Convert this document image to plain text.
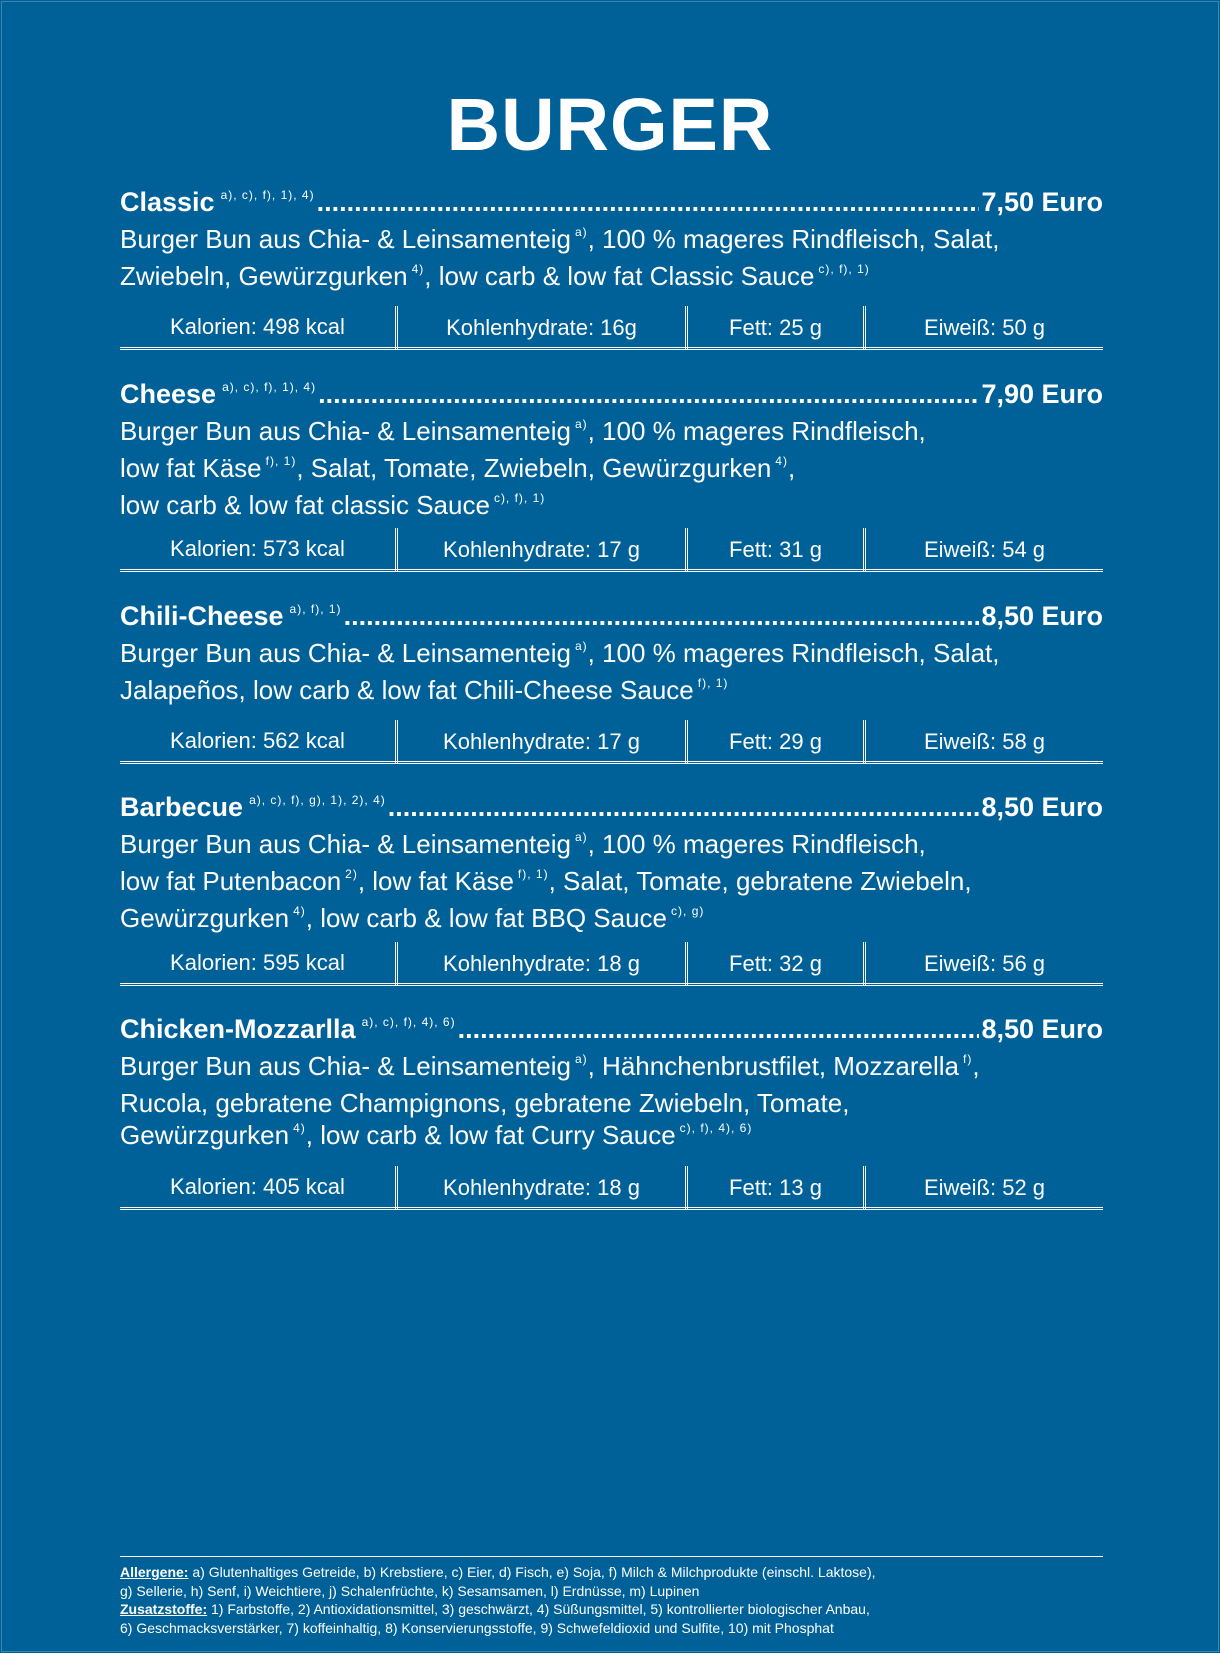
BURGER
Classic $^{a), c), f), 1), 4)}$ .....	7,50 Euro
Burger Bun aus Chia- & Leinsamenteig $^{a)}$, 100 % mageres Rindfleisch, Salat,
Zwiebeln, Gewürzgurken $^{4)}$, low carb & low fat Classic Sauce $^{c), f), 1)}$
Kalorien: 498 kcal	Kohlenhydrate: 16g	Fett: 25 g	Eiweiß: 50 g
Cheese $^{a), c), f), 1), 4)}$ .....	7,90 Euro
Burger Bun aus Chia- & Leinsamenteig $^{a)}$, 100 % mageres Rindfleisch,
low fat Käse $^{f), 1)}$, Salat, Tomate, Zwiebeln, Gewürzgurken $^{4)}$,
low carb & low fat classic Sauce $^{c), f), 1)}$
Kalorien: 573 kcal	Kohlenhydrate: 17 g	Fett: 31 g	Eiweiß: 54 g
Chili-Cheese $^{a), f), 1)}$ .....	8,50 Euro
Burger Bun aus Chia- & Leinsamenteig $^{a)}$, 100 % mageres Rindfleisch, Salat,
Jalapeños, low carb & low fat Chili-Cheese Sauce $^{f), 1)}$
Kalorien: 562 kcal	Kohlenhydrate: 17 g	Fett: 29 g	Eiweiß: 58 g
Barbecue $^{a), c), f), g), 1), 2), 4)}$ .....	8,50 Euro
Burger Bun aus Chia- & Leinsamenteig $^{a)}$, 100 % mageres Rindfleisch,
low fat Putenbacon $^{2)}$, low fat Käse $^{f), 1)}$, Salat, Tomate, gebratene Zwiebeln,
Gewürzgurken $^{4)}$, low carb & low fat BBQ Sauce $^{c), g)}$
Kalorien: 595 kcal	Kohlenhydrate: 18 g	Fett: 32 g	Eiweiß: 56 g
Chicken-Mozzarlla $^{a), c), f), 4), 6)}$ .....	8,50 Euro
Burger Bun aus Chia- & Leinsamenteig $^{a)}$, Hähnchenbrustfilet, Mozzarella $^{f)}$,
Rucola, gebratene Champignons, gebratene Zwiebeln, Tomate,
Gewürzgurken $^{4)}$, low carb & low fat Curry Sauce $^{c), f), 4), 6)}$
Kalorien: 405 kcal	Kohlenhydrate: 18 g	Fett: 13 g	Eiweiß: 52 g
Allergene: a) Glutenhaltiges Getreide, b) Krebstiere, c) Eier, d) Fisch, e) Soja, f) Milch & Milchprodukte (einschl. Laktose),
g) Sellerie, h) Senf, i) Weichtiere, j) Schalenfrüchte, k) Sesamsamen, l) Erdnüsse, m) Lupinen
Zusatzstoffe: 1) Farbstoffe, 2) Antioxidationsmittel, 3) geschwärzt, 4) Süßungsmittel, 5) kontrollierter biologischer Anbau,
6) Geschmacksverstärker, 7) koffeinhaltig, 8) Konservierungsstoffe, 9) Schwefeldioxid und Sulfite, 10) mit Phosphat
